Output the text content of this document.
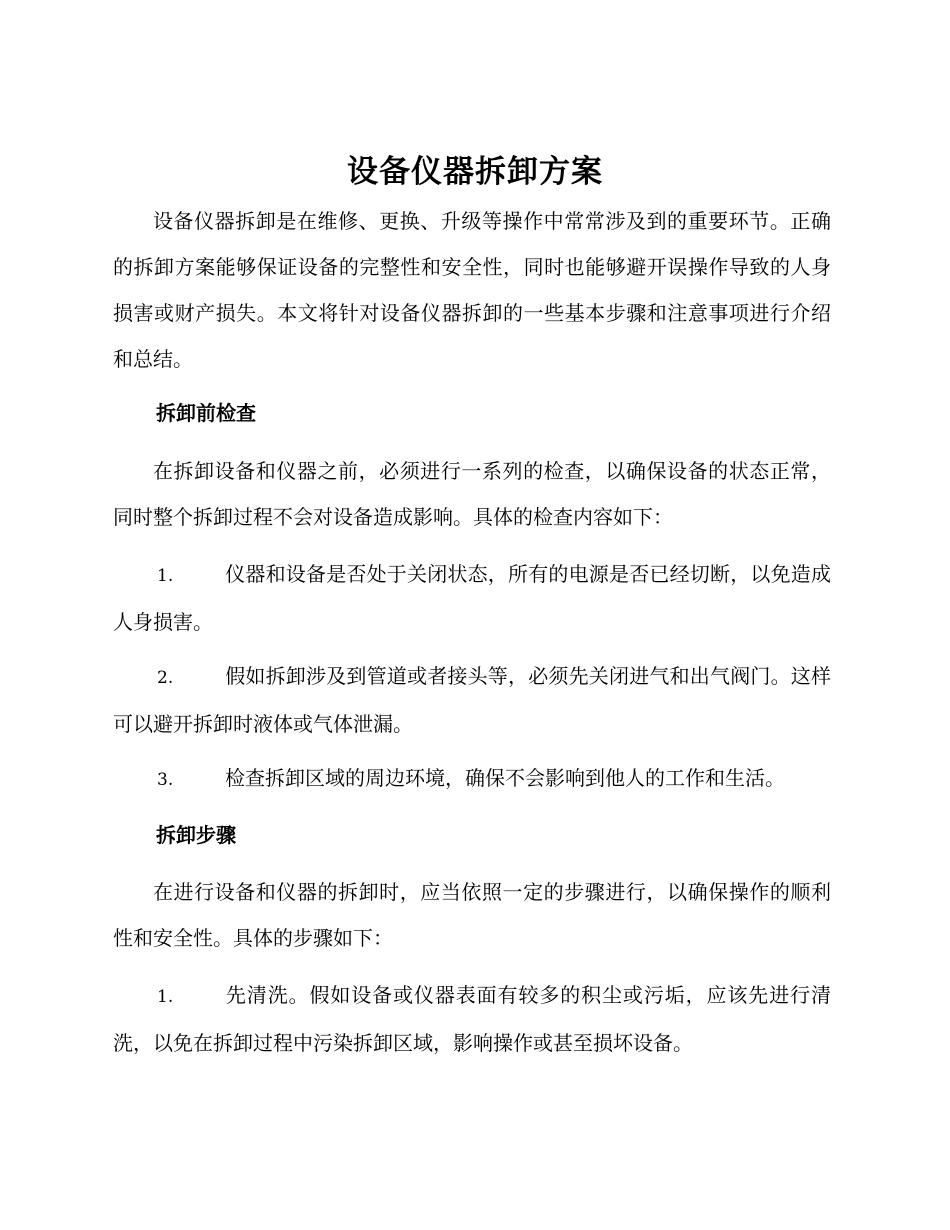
设备仪器拆卸方案
设备仪器拆卸是在维修、更换、升级等操作中常常涉及到的重要环节。正确的拆卸方案能够保证设备的完整性和安全性，同时也能够避开误操作导致的人身损害或财产损失。本文将针对设备仪器拆卸的一些基本步骤和注意事项进行介绍和总结。
拆卸前检查
在拆卸设备和仪器之前，必须进行一系列的检查，以确保设备的状态正常，同时整个拆卸过程不会对设备造成影响。具体的检查内容如下：
1.	仪器和设备是否处于关闭状态，所有的电源是否已经切断，以免造成人身损害。
2.	假如拆卸涉及到管道或者接头等，必须先关闭进气和出气阀门。这样可以避开拆卸时液体或气体泄漏。
3.	检查拆卸区域的周边环境，确保不会影响到他人的工作和生活。
拆卸步骤
在进行设备和仪器的拆卸时，应当依照一定的步骤进行，以确保操作的顺利性和安全性。具体的步骤如下：
1.	先清洗。假如设备或仪器表面有较多的积尘或污垢，应该先进行清洗，以免在拆卸过程中污染拆卸区域，影响操作或甚至损坏设备。
